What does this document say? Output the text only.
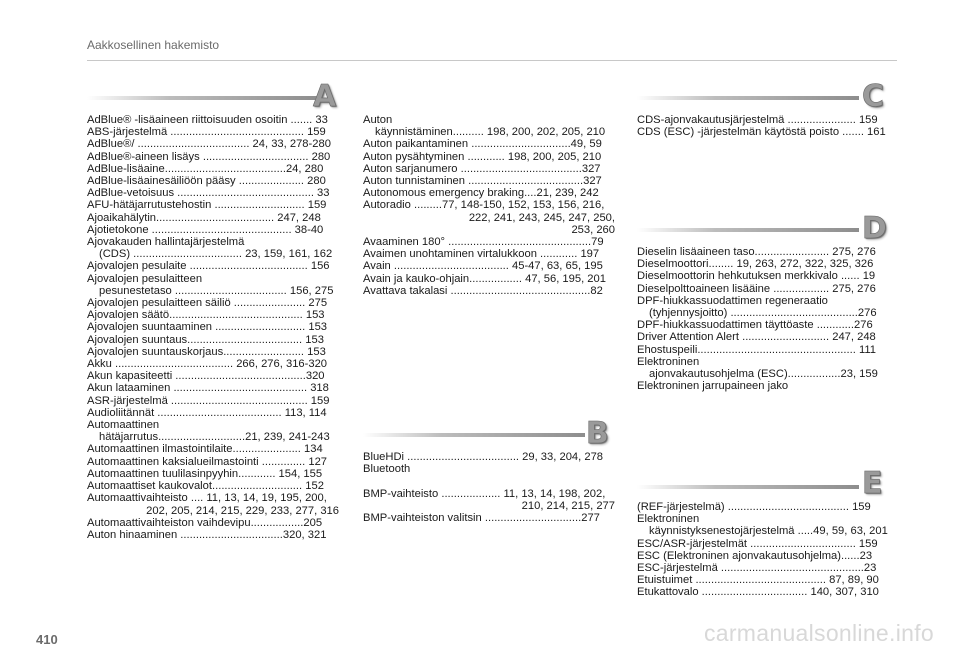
Aakkosellinen hakemisto
A
B
C
D
E
AdBlue® -lisäaineen riittoisuuden osoitin ....... 33
ABS-järjestelmä ........................................... 159
AdBlue®/ .................................... 24, 33, 278-280
AdBlue®-aineen lisäys .................................. 280
AdBlue-lisäaine.......................................24, 280
AdBlue-lisäainesäiliöön pääsy ..................... 280
AdBlue-vetoisuus ............................................ 33
AFU-hätäjarrutustehostin ............................. 159
Ajoaikahälytin...................................... 247, 248
Ajotietokone ............................................. 38-40
Ajovakauden hallintajärjestelmä
(CDS) ................................... 23, 159, 161, 162
Ajovalojen pesulaite ...................................... 156
Ajovalojen pesulaitteen
pesunestetaso .................................... 156, 275
Ajovalojen pesulaitteen säiliö ....................... 275
Ajovalojen säätö........................................... 153
Ajovalojen suuntaaminen ............................. 153
Ajovalojen suuntaus..................................... 153
Ajovalojen suuntauskorjaus.......................... 153
Akku ...................................... 266, 276, 316-320
Akun kapasiteetti ..........................................320
Akun lataaminen ........................................... 318
ASR-järjestelmä ............................................ 159
Audioliitännät ........................................ 113, 114
Automaattinen
hätäjarrutus............................21, 239, 241-243
Automaattinen ilmastointilaite...................... 134
Automaattinen kaksialueilmastointi .............. 127
Automaattinen tuulilasinpyyhin............ 154, 155
Automaattiset kaukovalot............................. 152
Automaattivaihteisto .... 11, 13, 14, 19, 195, 200,
202, 205, 214, 215, 229, 233, 277, 316
Automaattivaihteiston vaihdevipu.................205
Auton hinaaminen .................................320, 321
Auton
käynnistäminen.......... 198, 200, 202, 205, 210
Auton paikantaminen ................................49, 59
Auton pysähtyminen ............ 198, 200, 205, 210
Auton sarjanumero .......................................327
Auton tunnistaminen .....................................327
Autonomous emergency braking....21, 239, 242
Autoradio .........77, 148-150, 152, 153, 156, 216,
222, 241, 243, 245, 247, 250,
253, 260
Avaaminen 180° ..............................................79
Avaimen unohtaminen virtalukkoon ............ 197
Avain ..................................... 45-47, 63, 65, 195
Avain ja kauko-ohjain................. 47, 56, 195, 201
Avattava takalasi .............................................82
BlueHDi .................................... 29, 33, 204, 278
Bluetooth
BMP-vaihteisto ................... 11, 13, 14, 198, 202,
210, 214, 215, 277
BMP-vaihteiston valitsin ...............................277
CDS-ajonvakautusjärjestelmä ...................... 159
CDS (ESC) -järjestelmän käytöstä poisto ....... 161
Dieselin lisäaineen taso........................ 275, 276
Dieselmoottori........ 19, 263, 272, 322, 325, 326
Dieselmoottorin hehkutuksen merkkivalo ...... 19
Dieselpolttoaineen lisääine .................. 275, 276
DPF-hiukkassuodattimen regeneraatio
(tyhjennysjoitto) .........................................276
DPF-hiukkassuodattimen täyttöaste ............276
Driver Attention Alert ............................ 247, 248
Ehostuspeili................................................... 111
Elektroninen
ajonvakautusohjelma (ESC).................23, 159
Elektroninen jarrupaineen jako
(REF-järjestelmä) ....................................... 159
Elektroninen
käynnistyksenestojärjestelmä .....49, 59, 63, 201
ESC/ASR-järjestelmät .................................. 159
ESC (Elektroninen ajonvakautusohjelma)......23
ESC-järjestelmä ..............................................23
Etuistuimet .......................................... 87, 89, 90
Etukattovalo .................................. 140, 307, 310
410	carmanualsonline.info
